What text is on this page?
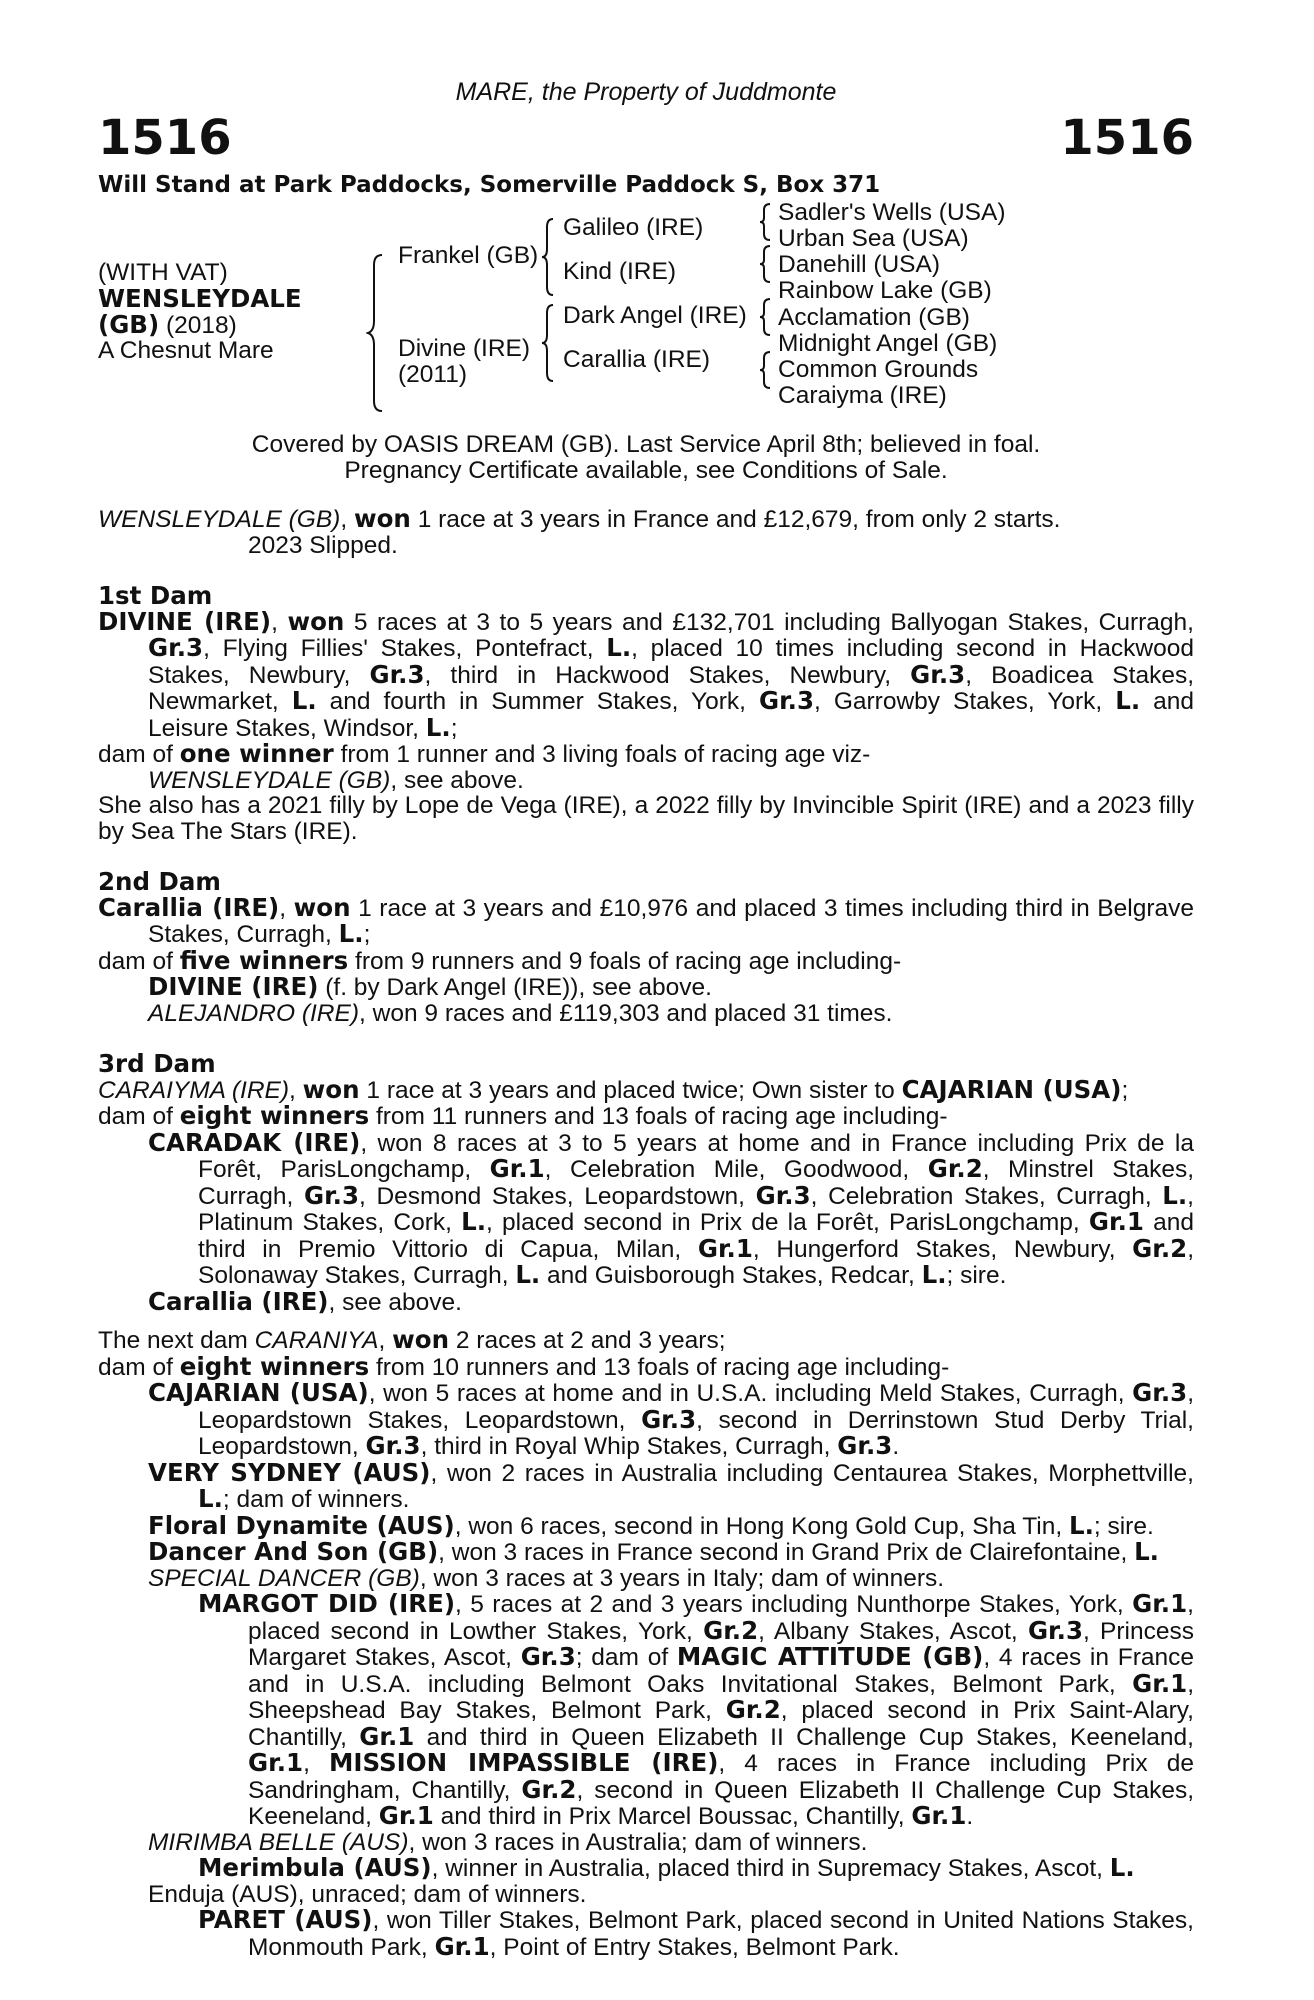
MARE, the Property of Juddmonte
1516	1516
Will Stand at Park Paddocks, Somerville Paddock S, Box 371
(WITH VAT)
WENSLEYDALE
(GB) (2018)
A Chesnut Mare
Frankel (GB)
Divine (IRE)
(2011)
Galileo (IRE)
Kind (IRE)
Dark Angel (IRE)
Carallia (IRE)
Sadler's Wells (USA)
Urban Sea (USA)
Danehill (USA)
Rainbow Lake (GB)
Acclamation (GB)
Midnight Angel (GB)
Common Grounds
Caraiyma (IRE)
Covered by OASIS DREAM (GB). Last Service April 8th; believed in foal.
Pregnancy Certificate available, see Conditions of Sale.
WENSLEYDALE (GB), won 1 race at 3 years in France and £12,679, from only 2 starts.
2023 Slipped.
1st Dam
DIVINE (IRE), won 5 races at 3 to 5 years and £132,701 including Ballyogan Stakes, Curragh, Gr.3, Flying Fillies' Stakes, Pontefract, L., placed 10 times including second in Hackwood Stakes, Newbury, Gr.3, third in Hackwood Stakes, Newbury, Gr.3, Boadicea Stakes, Newmarket, L. and fourth in Summer Stakes, York, Gr.3, Garrowby Stakes, York, L. and Leisure Stakes, Windsor, L.;
dam of one winner from 1 runner and 3 living foals of racing age viz-
WENSLEYDALE (GB), see above.
She also has a 2021 filly by Lope de Vega (IRE), a 2022 filly by Invincible Spirit (IRE) and a 2023 filly by Sea The Stars (IRE).
2nd Dam
Carallia (IRE), won 1 race at 3 years and £10,976 and placed 3 times including third in Belgrave Stakes, Curragh, L.;
dam of five winners from 9 runners and 9 foals of racing age including-
DIVINE (IRE) (f. by Dark Angel (IRE)), see above.
ALEJANDRO (IRE), won 9 races and £119,303 and placed 31 times.
3rd Dam
CARAIYMA (IRE), won 1 race at 3 years and placed twice; Own sister to CAJARIAN (USA);
dam of eight winners from 11 runners and 13 foals of racing age including-
CARADAK (IRE), won 8 races at 3 to 5 years at home and in France including Prix de la Forêt, ParisLongchamp, Gr.1, Celebration Mile, Goodwood, Gr.2, Minstrel Stakes, Curragh, Gr.3, Desmond Stakes, Leopardstown, Gr.3, Celebration Stakes, Curragh, L., Platinum Stakes, Cork, L., placed second in Prix de la Forêt, ParisLongchamp, Gr.1 and third in Premio Vittorio di Capua, Milan, Gr.1, Hungerford Stakes, Newbury, Gr.2, Solonaway Stakes, Curragh, L. and Guisborough Stakes, Redcar, L.; sire.
Carallia (IRE), see above.
The next dam CARANIYA, won 2 races at 2 and 3 years;
dam of eight winners from 10 runners and 13 foals of racing age including-
CAJARIAN (USA), won 5 races at home and in U.S.A. including Meld Stakes, Curragh, Gr.3, Leopardstown Stakes, Leopardstown, Gr.3, second in Derrinstown Stud Derby Trial, Leopardstown, Gr.3, third in Royal Whip Stakes, Curragh, Gr.3.
VERY SYDNEY (AUS), won 2 races in Australia including Centaurea Stakes, Morphettville, L.; dam of winners.
Floral Dynamite (AUS), won 6 races, second in Hong Kong Gold Cup, Sha Tin, L.; sire.
Dancer And Son (GB), won 3 races in France second in Grand Prix de Clairefontaine, L.
SPECIAL DANCER (GB), won 3 races at 3 years in Italy; dam of winners.
MARGOT DID (IRE), 5 races at 2 and 3 years including Nunthorpe Stakes, York, Gr.1, placed second in Lowther Stakes, York, Gr.2, Albany Stakes, Ascot, Gr.3, Princess Margaret Stakes, Ascot, Gr.3; dam of MAGIC ATTITUDE (GB), 4 races in France and in U.S.A. including Belmont Oaks Invitational Stakes, Belmont Park, Gr.1, Sheepshead Bay Stakes, Belmont Park, Gr.2, placed second in Prix Saint-Alary, Chantilly, Gr.1 and third in Queen Elizabeth II Challenge Cup Stakes, Keeneland, Gr.1, MISSION IMPASSIBLE (IRE), 4 races in France including Prix de Sandringham, Chantilly, Gr.2, second in Queen Elizabeth II Challenge Cup Stakes, Keeneland, Gr.1 and third in Prix Marcel Boussac, Chantilly, Gr.1.
MIRIMBA BELLE (AUS), won 3 races in Australia; dam of winners.
Merimbula (AUS), winner in Australia, placed third in Supremacy Stakes, Ascot, L.
Enduja (AUS), unraced; dam of winners.
PARET (AUS), won Tiller Stakes, Belmont Park, placed second in United Nations Stakes, Monmouth Park, Gr.1, Point of Entry Stakes, Belmont Park.
